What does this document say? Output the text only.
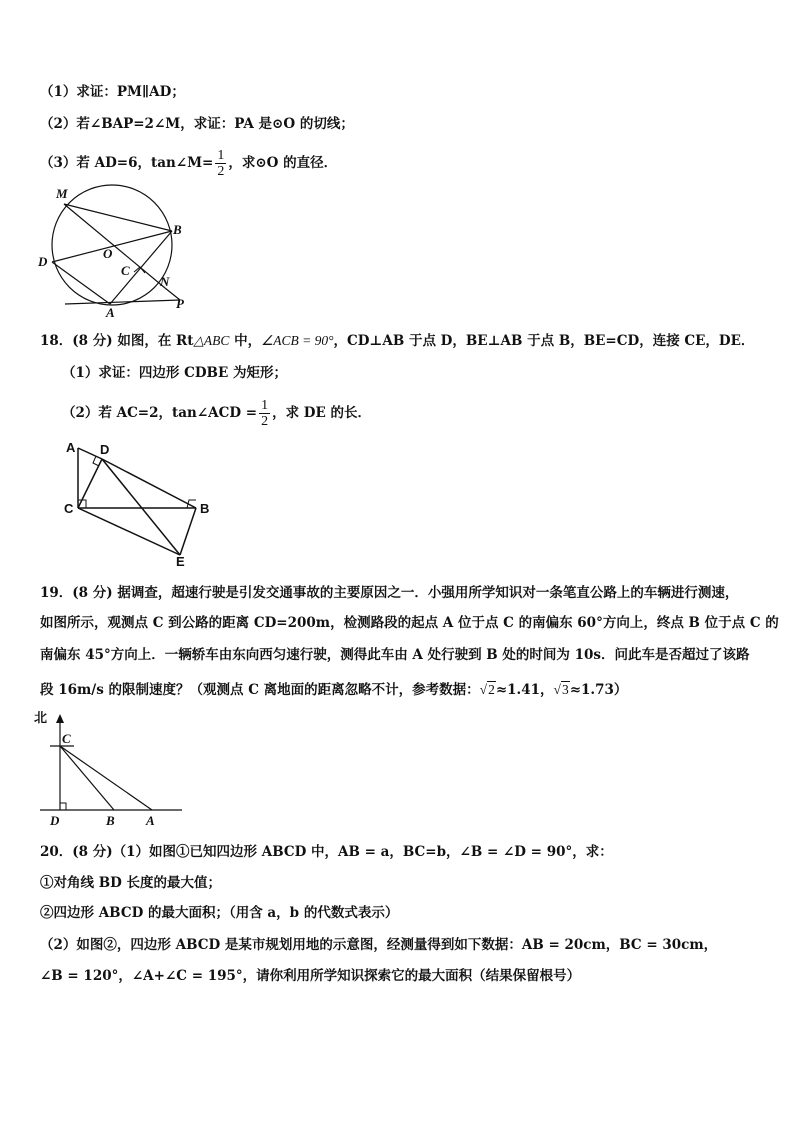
（1）求证：PM∥AD；
（2）若∠BAP=2∠M，求证：PA 是⊙O 的切线；
（3）若 AD=6，tan∠M= $\frac{1}{2}$ ，求⊙O 的直径．
M
B
D
O
C
N
A
P
18．(8 分) 如图，在 Rt△ABC 中，∠ACB = 90°，CD⊥AB 于点 D，BE⊥AB 于点 B，BE=CD，连接 CE，DE．
（1）求证：四边形 CDBE 为矩形；
（2）若 AC=2，tan∠ACD = $\frac{1}{2}$ ，求 DE 的长．
A D
C	B
E
19．(8 分) 据调查，超速行驶是引发交通事故的主要原因之一．小强用所学知识对一条笔直公路上的车辆进行测速，
如图所示，观测点 C 到公路的距离 CD=200m，检测路段的起点 A 位于点 C 的南偏东 60°方向上，终点 B 位于点 C 的
南偏东 45°方向上．一辆轿车由东向西匀速行驶，测得此车由 A 处行驶到 B 处的时间为 10s．问此车是否超过了该路
段 16m/s 的限制速度？（观测点 C 离地面的距离忽略不计，参考数据：√2≈1.41，√3≈1.73）
北
C
D	B A
20．(8 分)（1）如图①已知四边形 ABCD 中，AB = a，BC=b，∠B = ∠D = 90°，求：
①对角线 BD 长度的最大值；
②四边形 ABCD 的最大面积；（用含 a，b 的代数式表示）
（2）如图②，四边形 ABCD 是某市规划用地的示意图，经测量得到如下数据：AB = 20cm，BC = 30cm，
∠B = 120°，∠A+∠C = 195°，请你利用所学知识探索它的最大面积（结果保留根号）
